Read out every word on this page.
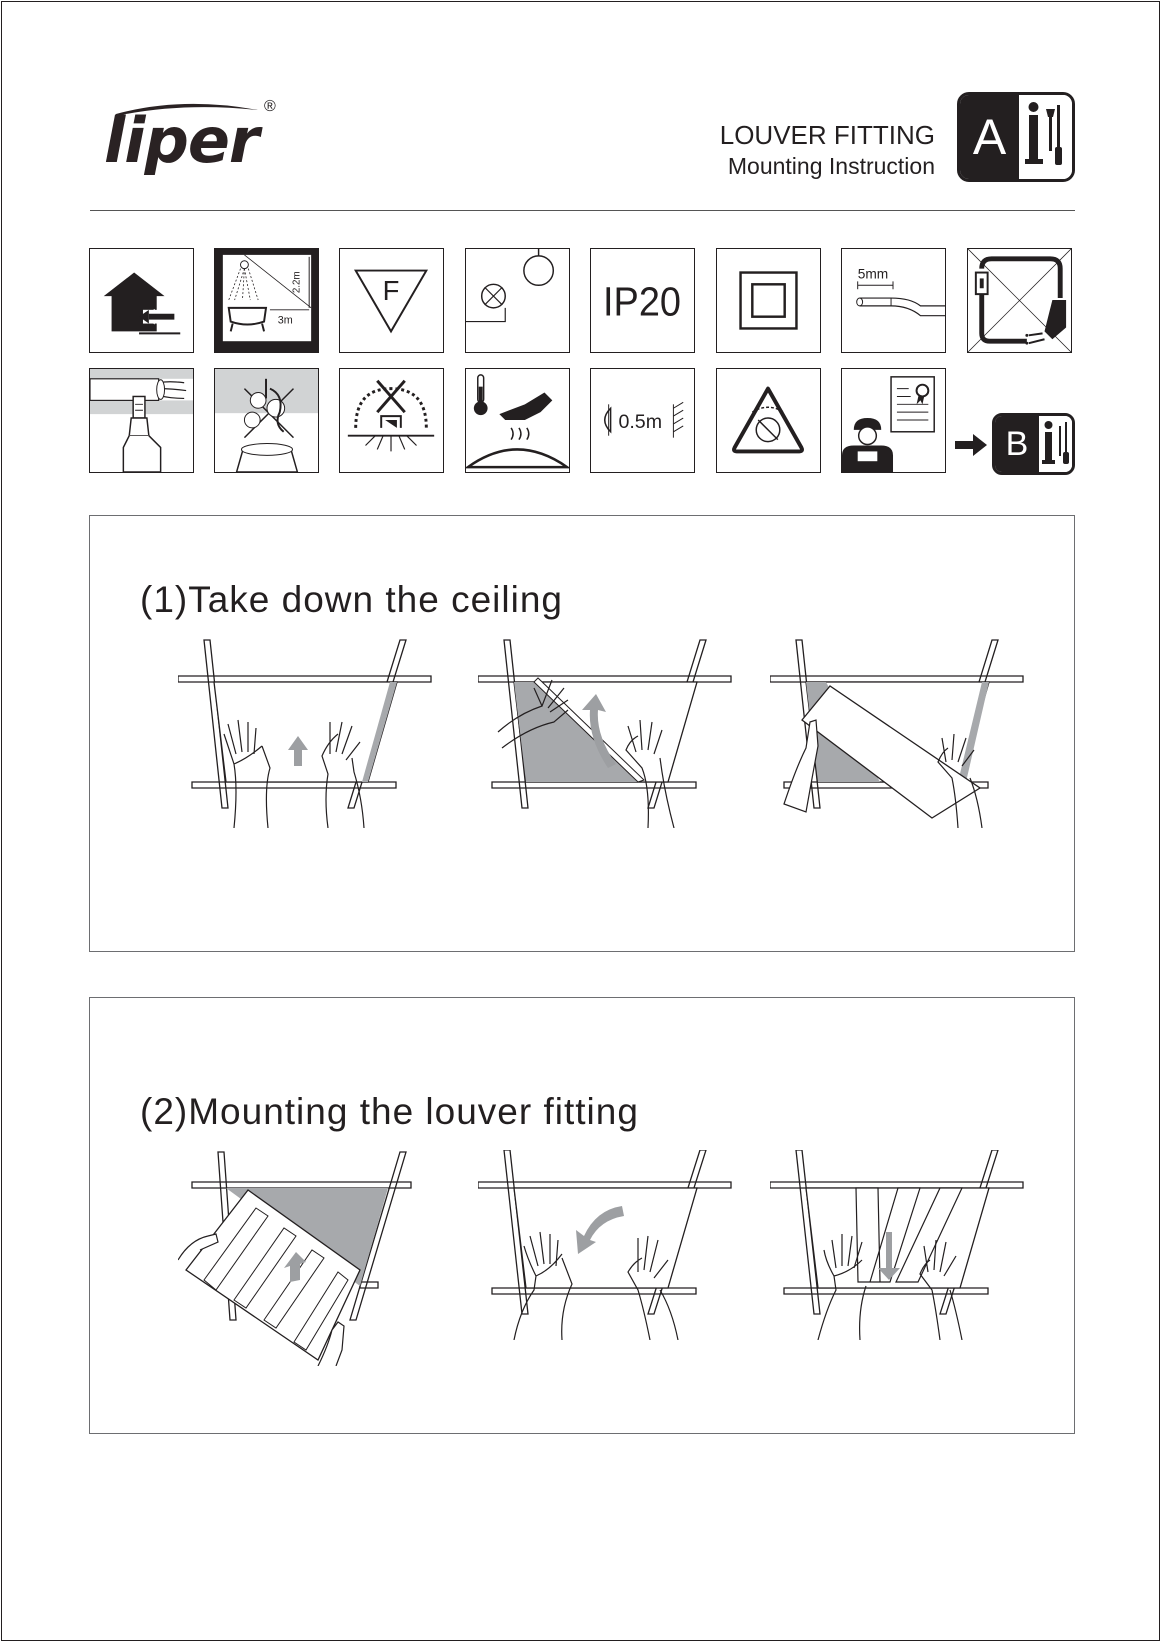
liper ®
LOUVER FITTING
Mounting Instruction
A
2.2m
3m
F	IP20
5mm
0.5m
B
(1)Take down the ceiling
(2)Mounting the louver fitting
